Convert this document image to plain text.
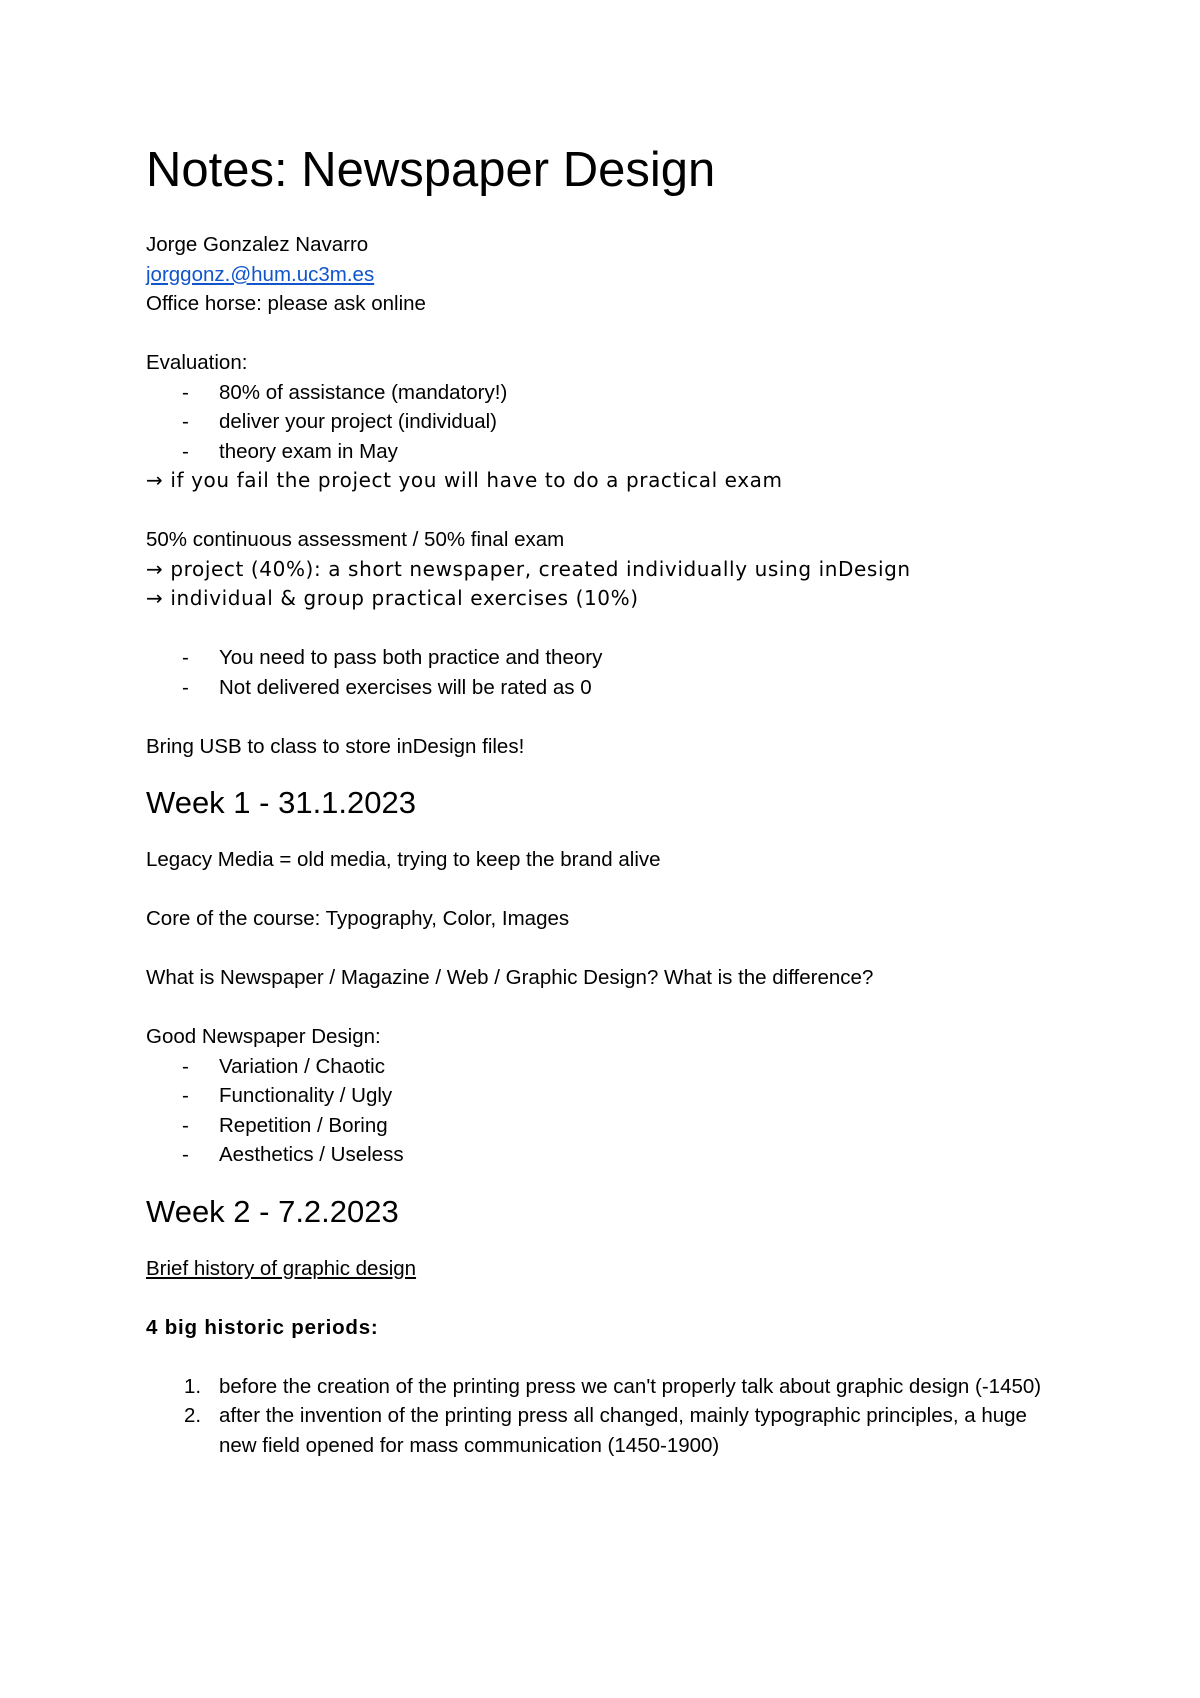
Notes: Newspaper Design

Jorge Gonzalez Navarro

jorggonz.@hum.uc3m.es

Office horse: please ask online

Evaluation:

- 80% of assistance (mandatory!)
- deliver your project (individual)
- theory exam in May

→ if you fail the project you will have to do a practical exam

50% continuous assessment / 50% final exam

→ project (40%): a short newspaper, created individually using inDesign

→ individual & group practical exercises (10%)

- You need to pass both practice and theory
- Not delivered exercises will be rated as 0

Bring USB to class to store inDesign files!

Week 1 - 31.1.2023

Legacy Media = old media, trying to keep the brand alive

Core of the course: Typography, Color, Images

What is Newspaper / Magazine / Web / Graphic Design? What is the difference?

Good Newspaper Design:

- Variation / Chaotic
- Functionality / Ugly
- Repetition / Boring
- Aesthetics / Useless
Week 2 - 7.2.2023

Brief history of graphic design

4 big historic periods:

1. before the creation of the printing press we can't properly talk about graphic design (-1450)
2. after the invention of the printing press all changed, mainly typographic principles, a huge new field opened for mass communication (1450-1900)
